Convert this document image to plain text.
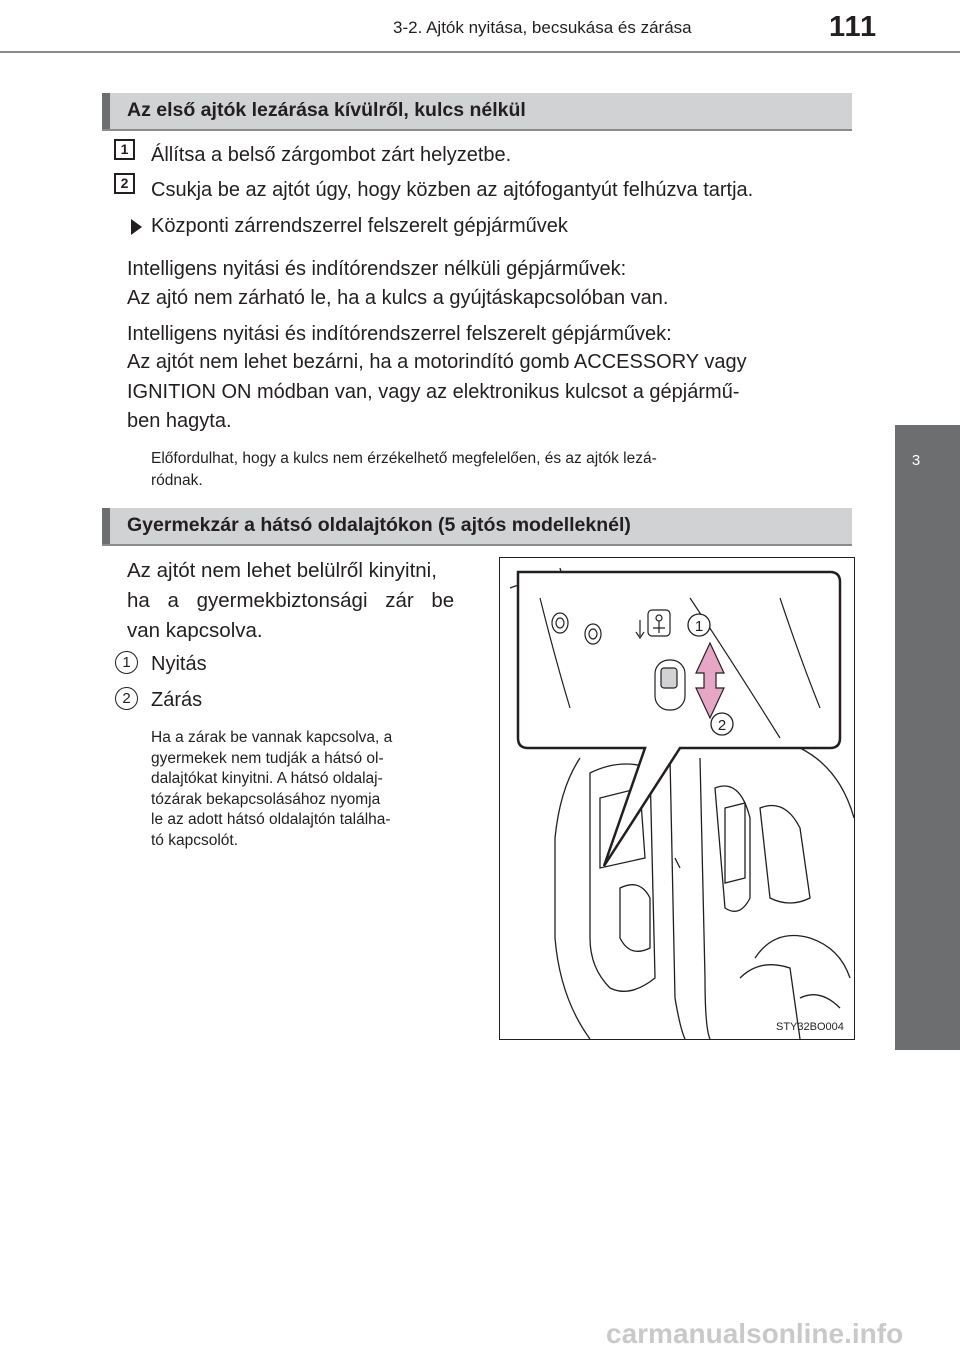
3-2. Ajtók nyitása, becsukása és zárása	111
3
Az egyes részegységek működtetése
Az első ajtók lezárása kívülről, kulcs nélkül
1	Állítsa a belső zárgombot zárt helyzetbe.
2	Csukja be az ajtót úgy, hogy közben az ajtófogantyút felhúzva tartja.
Központi zárrendszerrel felszerelt gépjárművek
Intelligens nyitási és indítórendszer nélküli gépjárművek:
Az ajtó nem zárható le, ha a kulcs a gyújtáskapcsolóban van.
Intelligens nyitási és indítórendszerrel felszerelt gépjárművek:
Az ajtót nem lehet bezárni, ha a motorindító gomb ACCESSORY vagy
IGNITION ON módban van, vagy az elektronikus kulcsot a gépjármű-
ben hagyta.
Előfordulhat, hogy a kulcs nem érzékelhető megfelelően, és az ajtók lezá-
ródnak.
Gyermekzár a hátsó oldalajtókon (5 ajtós modelleknél)
Az ajtót nem lehet belülről kinyitni,
ha a gyermekbiztonsági zár be
van kapcsolva.
1	Nyitás
2	Zárás
Ha a zárak be vannak kapcsolva, a
gyermekek nem tudják a hátsó ol-
dalajtókat kinyitni. A hátsó oldalaj-
tózárak bekapcsolásához nyomja
le az adott hátsó oldalajtón találha-
tó kapcsolót.
1
2
STY32BO004
carmanualsonline.info
